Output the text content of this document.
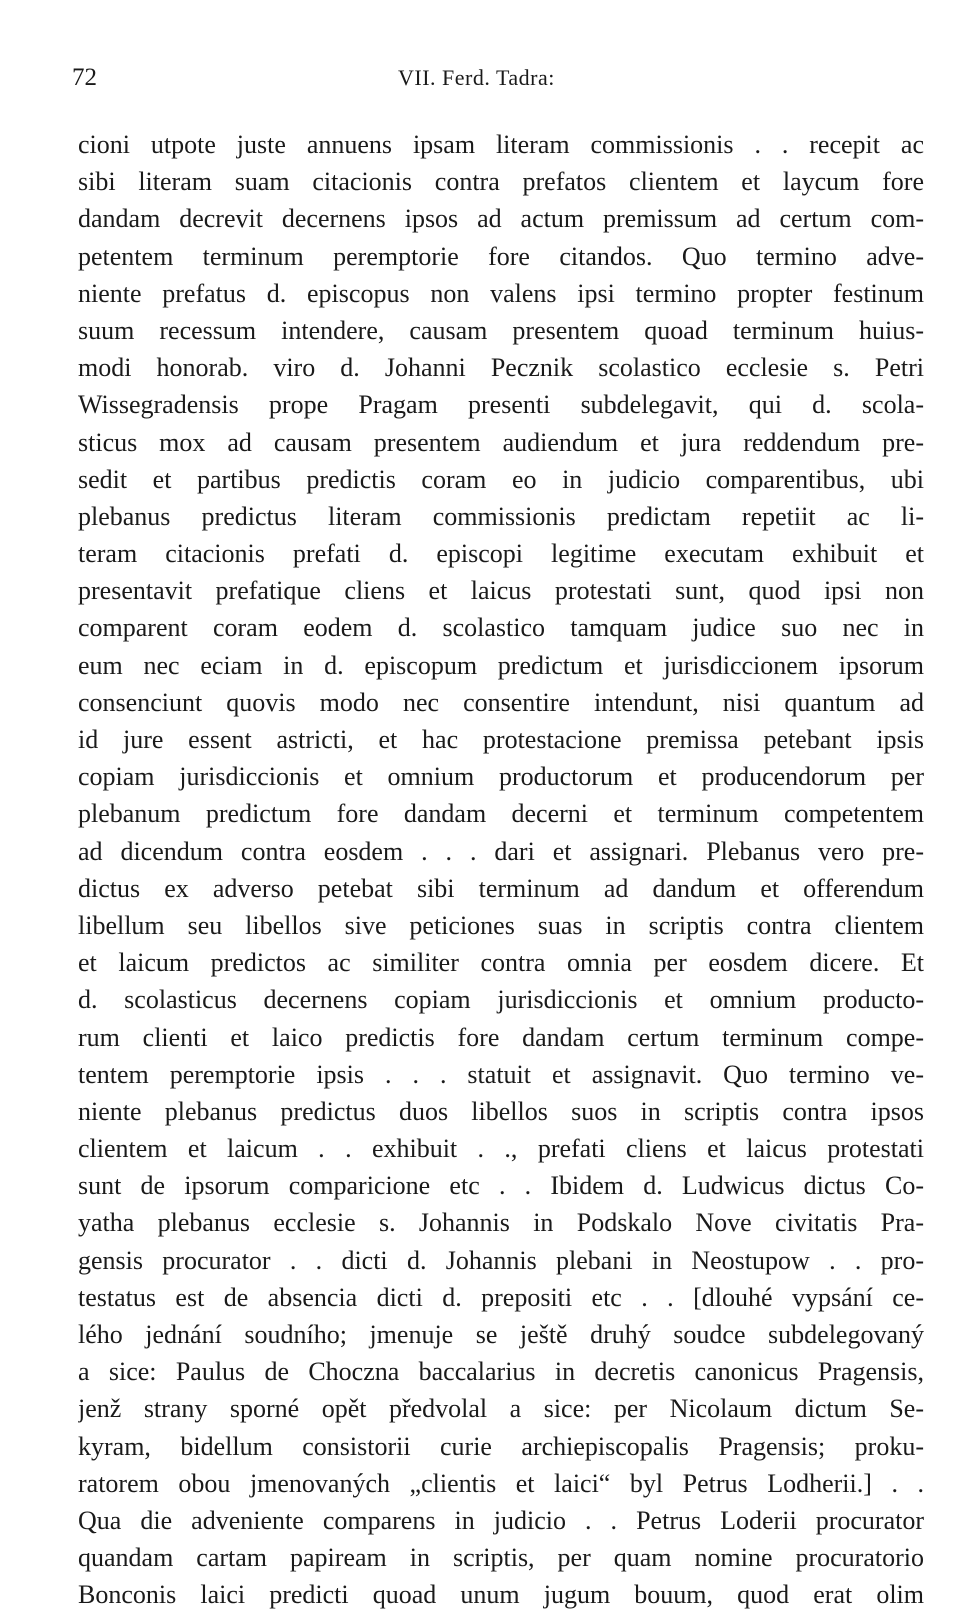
72	VII. Ferd. Tadra:
cioni utpote juste annuens ipsam literam commissionis . . recepit ac
sibi literam suam citacionis contra prefatos clientem et laycum fore
dandam decrevit decernens ipsos ad actum premissum ad certum com-
petentem terminum peremptorie fore citandos. Quo termino adve-
niente prefatus d. episcopus non valens ipsi termino propter festinum
suum recessum intendere, causam presentem quoad terminum huius-
modi honorab. viro d. Johanni Pecznik scolastico ecclesie s. Petri
Wissegradensis prope Pragam presenti subdelegavit, qui d. scola-
sticus mox ad causam presentem audiendum et jura reddendum pre-
sedit et partibus predictis coram eo in judicio comparentibus, ubi
plebanus predictus literam commissionis predictam repetiit ac li-
teram citacionis prefati d. episcopi legitime executam exhibuit et
presentavit prefatique cliens et laicus protestati sunt, quod ipsi non
comparent coram eodem d. scolastico tamquam judice suo nec in
eum nec eciam in d. episcopum predictum et jurisdiccionem ipsorum
consenciunt quovis modo nec consentire intendunt, nisi quantum ad
id jure essent astricti, et hac protestacione premissa petebant ipsis
copiam jurisdiccionis et omnium productorum et producendorum per
plebanum predictum fore dandam decerni et terminum competentem
ad dicendum contra eosdem . . . dari et assignari. Plebanus vero pre-
dictus ex adverso petebat sibi terminum ad dandum et offerendum
libellum seu libellos sive peticiones suas in scriptis contra clientem
et laicum predictos ac similiter contra omnia per eosdem dicere. Et
d. scolasticus decernens copiam jurisdiccionis et omnium producto-
rum clienti et laico predictis fore dandam certum terminum compe-
tentem peremptorie ipsis . . . statuit et assignavit. Quo termino ve-
niente plebanus predictus duos libellos suos in scriptis contra ipsos
clientem et laicum . . exhibuit . ., prefati cliens et laicus protestati
sunt de ipsorum comparicione etc . . Ibidem d. Ludwicus dictus Co-
yatha plebanus ecclesie s. Johannis in Podskalo Nove civitatis Pra-
gensis procurator . . dicti d. Johannis plebani in Neostupow . . pro-
testatus est de absencia dicti d. prepositi etc . . [dlouhé vypsání ce-
lého jednání soudního; jmenuje se ještě druhý soudce subdelegovaný
a sice: Paulus de Choczna baccalarius in decretis canonicus Pragensis,
jenž strany sporné opět předvolal a sice: per Nicolaum dictum Se-
kyram, bidellum consistorii curie archiepiscopalis Pragensis; proku-
ratorem obou jmenovaných „clientis et laici“ byl Petrus Lodherii.] . .
Qua die adveniente comparens in judicio . . Petrus Loderii procurator
quandam cartam papiream in scriptis, per quam nomine procuratorio
Bonconis laici predicti quoad unum jugum bouum, quod erat olim
